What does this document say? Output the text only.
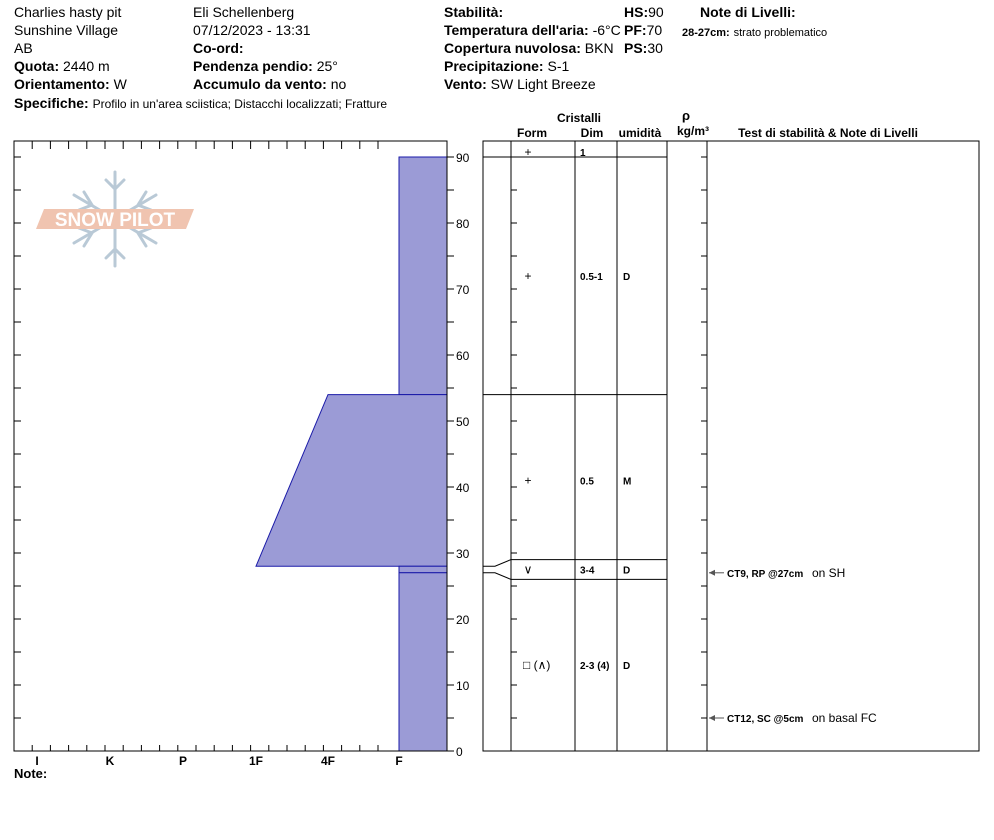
Charlies hasty pit
Sunshine Village
AB
Quota: 2440 m
Orientamento: W
Specifiche: Profilo in un'area sciistica; Distacchi localizzati; Fratture
Eli Schellenberg
07/12/2023 - 13:31
Co-ord:
Pendenza pendio: 25°
Accumulo da vento: no
Stabilità:
Temperatura dell'aria: -6°C
Copertura nuvolosa: BKN
Precipitazione: S-1
Vento: SW Light Breeze
HS:90
PF:70
PS:30
Note di Livelli:
28-27cm: strato problematico
SNOW PILOT
I	K	P	1F	4F	F
0
10
20
30
40
50
60
70
80
90
Cristalli
Form	Dim umidità
ρ
kg/m³ Test di stabilità & Note di Livelli
+	1
+	0.5-1 D
+	0.5	M
∨	3-4	D
□ (∧)	2-3 (4) D
CT9, RP @27cm on SH
CT12, SC @5cm on basal FC
Note:
